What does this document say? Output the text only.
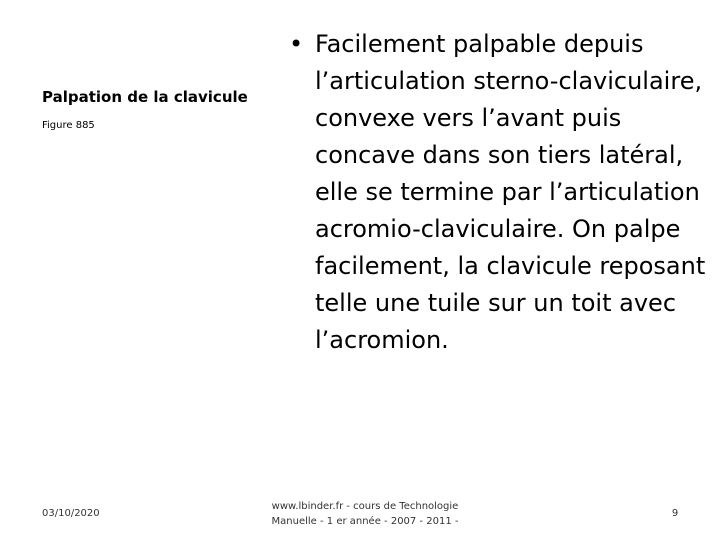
Palpation de la clavicule
Figure 885
• Facilement palpable depuis l’articulation sterno-claviculaire, convexe vers l’avant puis concave dans son tiers latéral, elle se termine par l’articulation acromio-claviculaire. On palpe facilement, la clavicule reposant telle une tuile sur un toit avec l’acromion.
03/10/2020
www.lbinder.fr - cours de Technologie
Manuelle - 1 er année - 2007 - 2011 -
9
